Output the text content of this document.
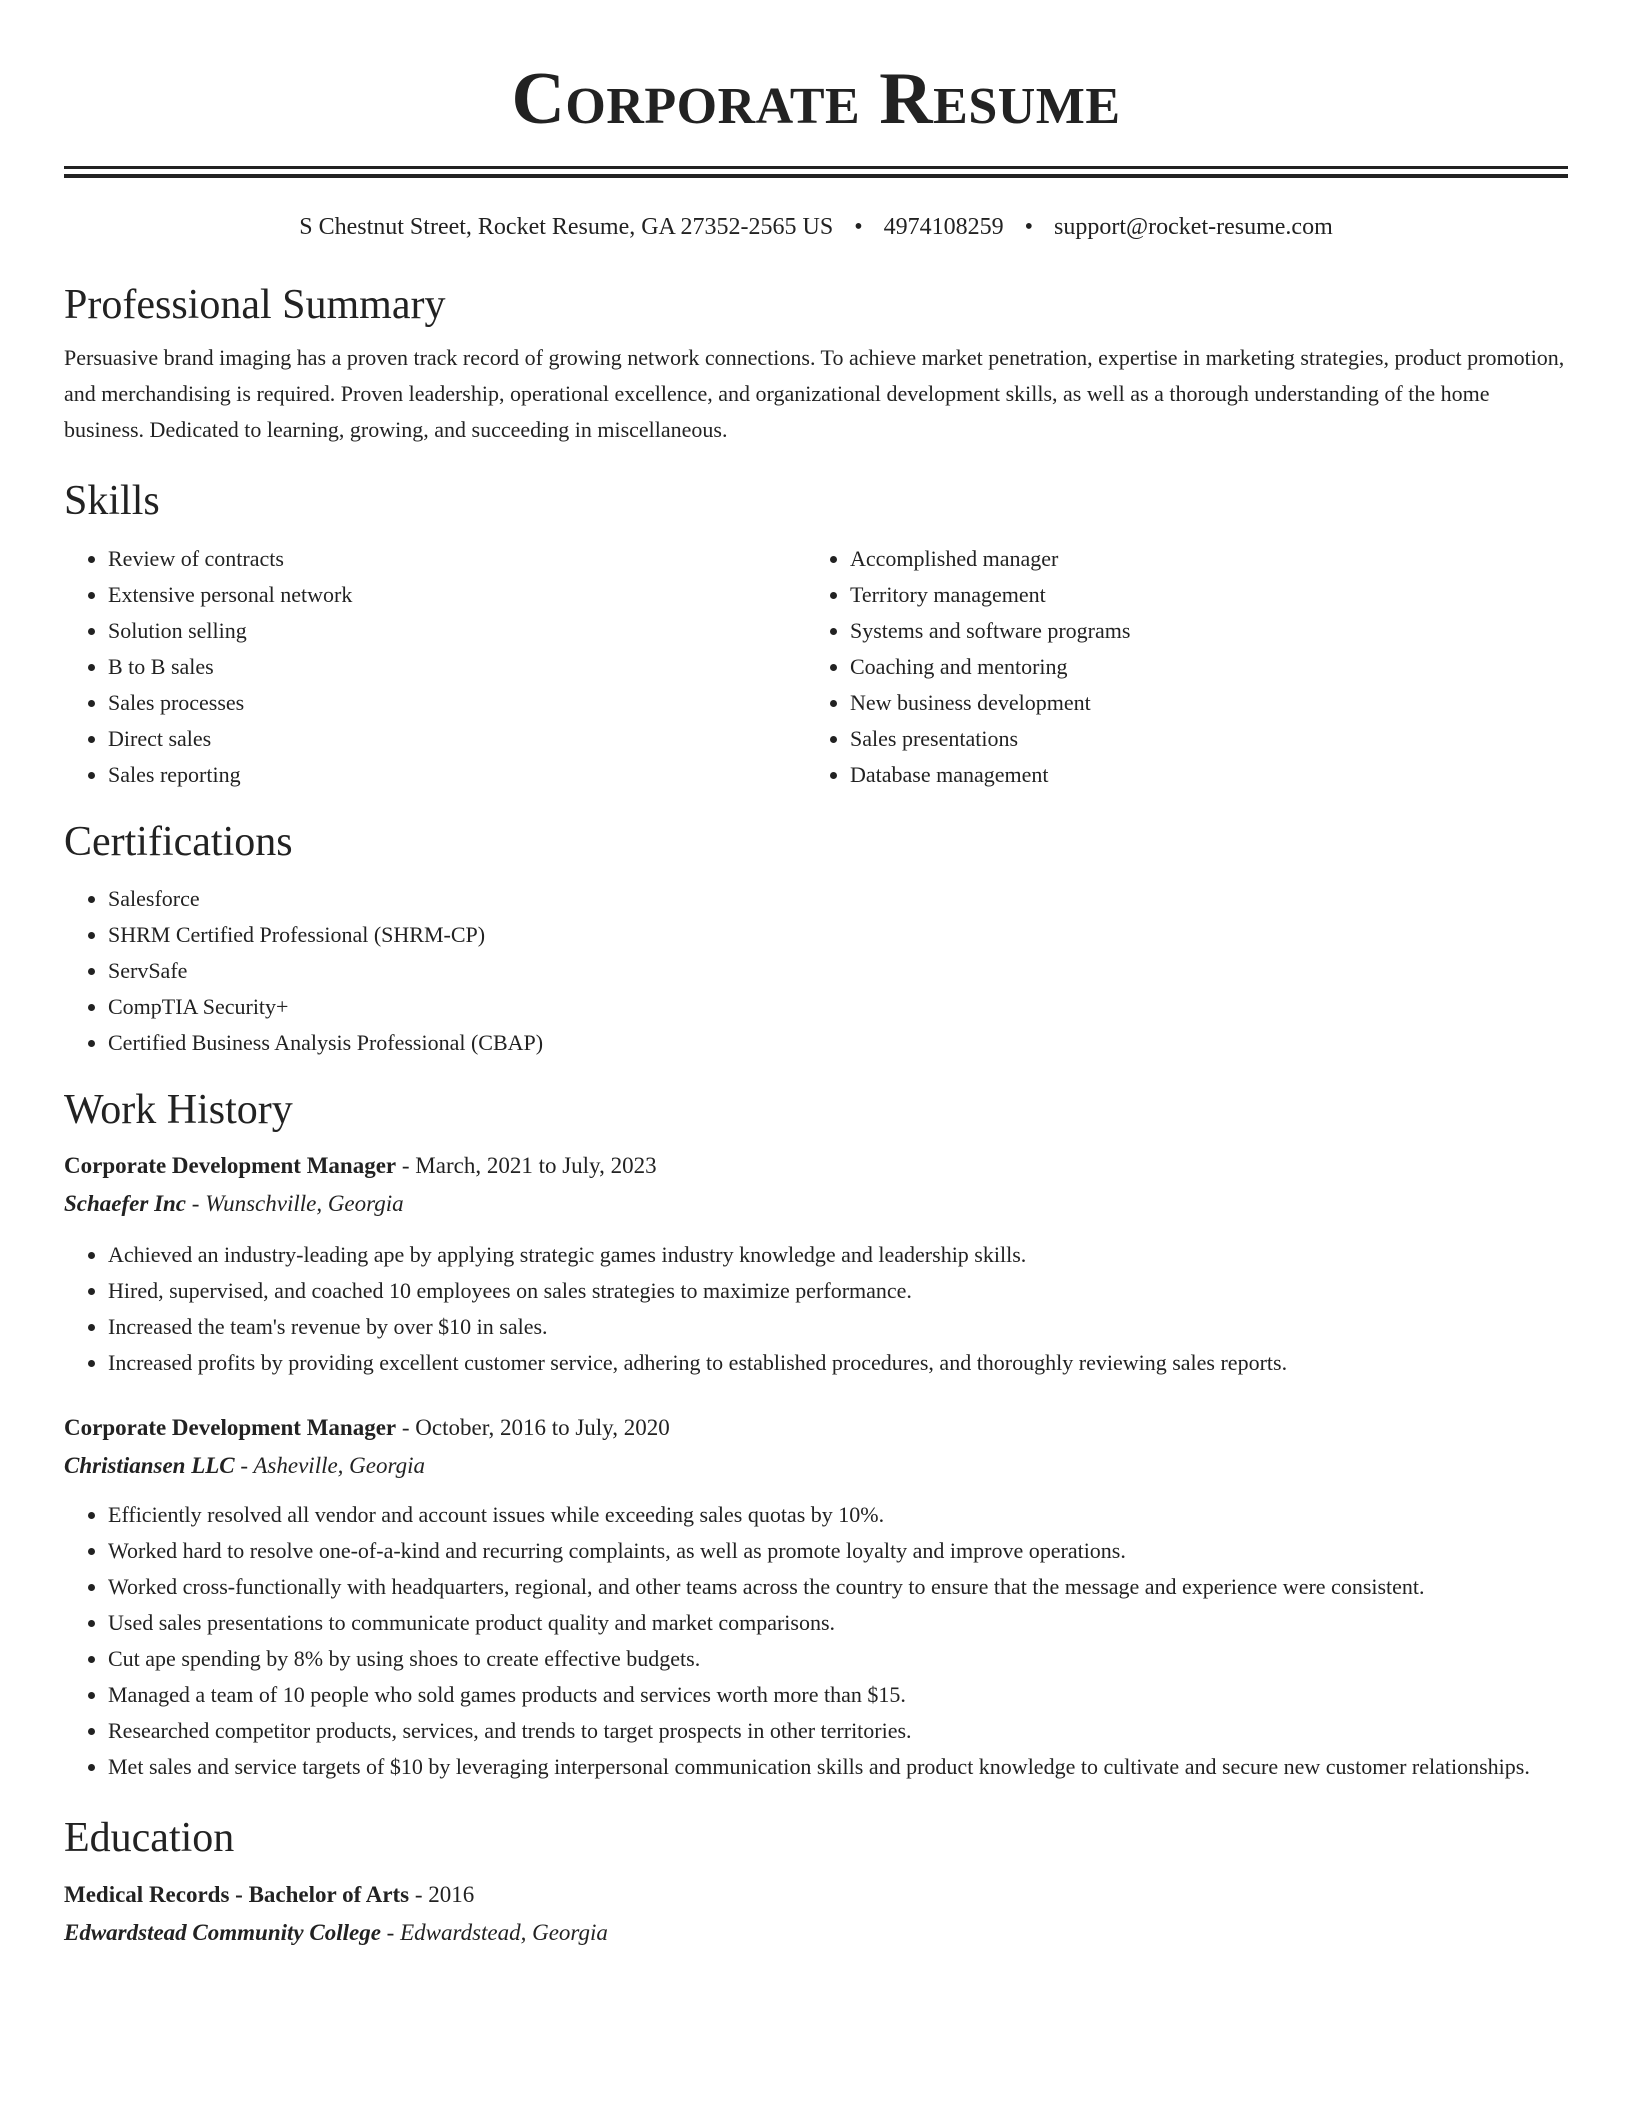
Corporate Resume
S Chestnut Street, Rocket Resume, GA 27352-2565 US • 4974108259 • support@rocket-resume.com
Professional Summary

Persuasive brand imaging has a proven track record of growing network connections. To achieve market penetration, expertise in marketing strategies, product promotion, and merchandising is required. Proven leadership, operational excellence, and organizational development skills, as well as a thorough understanding of the home business. Dedicated to learning, growing, and succeeding in miscellaneous.

Skills
• Review of contracts
• Extensive personal network
• Solution selling
• B to B sales
• Sales processes
• Direct sales
• Sales reporting
• Accomplished manager
• Territory management
• Systems and software programs
• Coaching and mentoring
• New business development
• Sales presentations
• Database management
Certifications
• Salesforce
• SHRM Certified Professional (SHRM-CP)
• ServSafe
• CompTIA Security+
• Certified Business Analysis Professional (CBAP)
Work History

Corporate Development Manager - March, 2021 to July, 2023

Schaefer Inc - Wunschville, Georgia

• Achieved an industry-leading ape by applying strategic games industry knowledge and leadership skills.
• Hired, supervised, and coached 10 employees on sales strategies to maximize performance.
• Increased the team's revenue by over $10 in sales.
• Increased profits by providing excellent customer service, adhering to established procedures, and thoroughly reviewing sales reports.

Corporate Development Manager - October, 2016 to July, 2020

Christiansen LLC - Asheville, Georgia

• Efficiently resolved all vendor and account issues while exceeding sales quotas by 10%.
• Worked hard to resolve one-of-a-kind and recurring complaints, as well as promote loyalty and improve operations.
• Worked cross-functionally with headquarters, regional, and other teams across the country to ensure that the message and experience were consistent.
• Used sales presentations to communicate product quality and market comparisons.
• Cut ape spending by 8% by using shoes to create effective budgets.
• Managed a team of 10 people who sold games products and services worth more than $15.
• Researched competitor products, services, and trends to target prospects in other territories.
• Met sales and service targets of $10 by leveraging interpersonal communication skills and product knowledge to cultivate and secure new customer relationships.
Education

Medical Records - Bachelor of Arts - 2016

Edwardstead Community College - Edwardstead, Georgia
